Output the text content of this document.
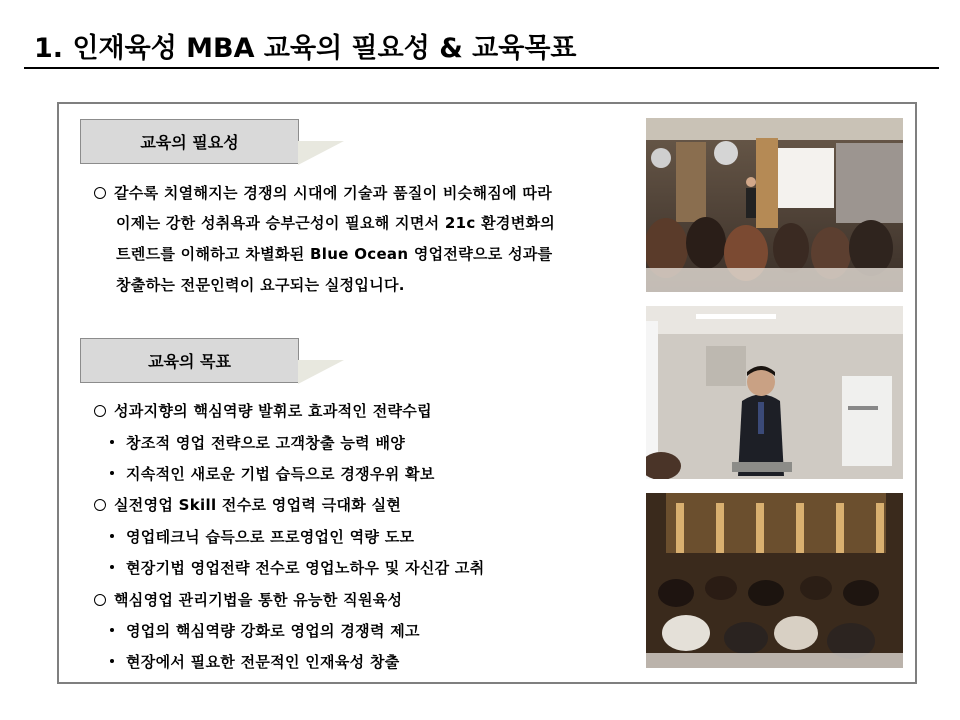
1. 인재육성 MBA 교육의 필요성 & 교육목표
교육의 필요성
갈수록 치열해지는 경쟁의 시대에 기술과 품질이 비슷해짐에 따라
이제는 강한 성취욕과 승부근성이 필요해 지면서 21c 환경변화의
트렌드를 이해하고 차별화된 Blue Ocean 영업전략으로 성과를
창출하는 전문인력이 요구되는 실정입니다.
교육의 목표
성과지향의 핵심역량 발휘로 효과적인 전략수립
창조적 영업 전략으로 고객창출 능력 배양
지속적인 새로운 기법 습득으로 경쟁우위 확보
실전영업 Skill 전수로 영업력 극대화 실현
영업테크닉 습득으로 프로영업인 역량 도모
현장기법 영업전략 전수로 영업노하우 및 자신감 고취
핵심영업 관리기법을 통한 유능한 직원육성
영업의 핵심역량 강화로 영업의 경쟁력 제고
현장에서 필요한 전문적인 인재육성 창출
